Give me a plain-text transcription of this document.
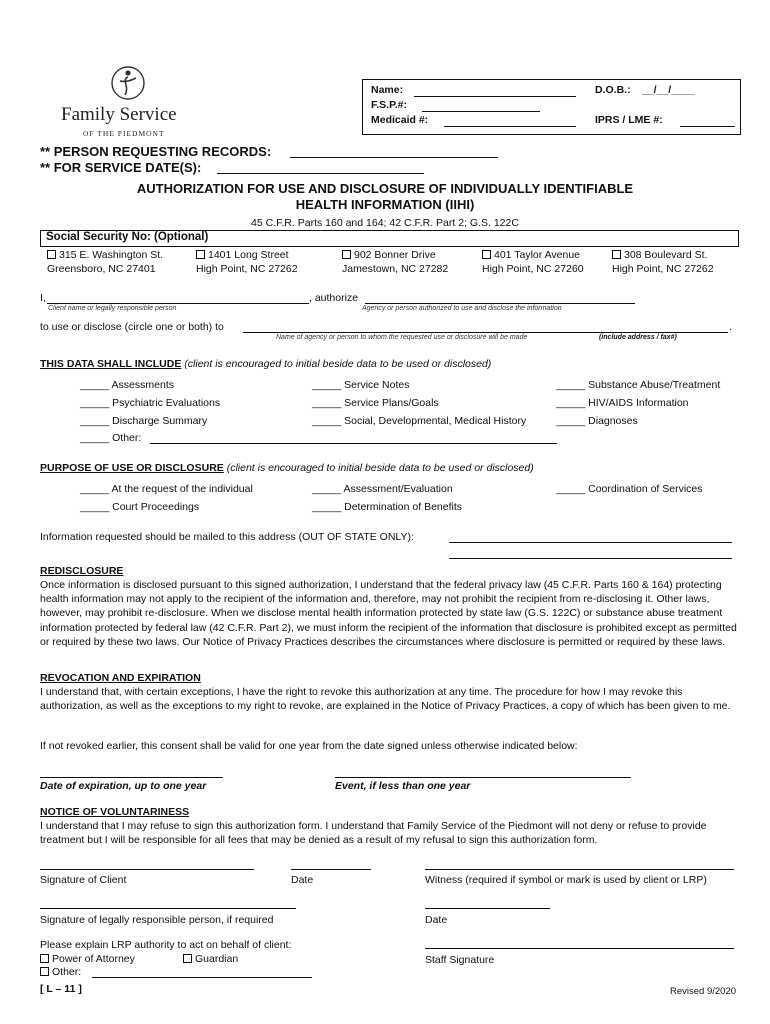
Family Service
OF THE PIEDMONT
Name:	D.O.B.: __/__/____
F.S.P.#:
Medicaid #:	IPRS / LME #:
** PERSON REQUESTING RECORDS:
** FOR SERVICE DATE(S):
AUTHORIZATION FOR USE AND DISCLOSURE OF INDIVIDUALLY IDENTIFIABLE
HEALTH INFORMATION (IIHI)
45 C.F.R. Parts 160 and 164; 42 C.F.R. Part 2; G.S. 122C
Social Security No: (Optional)
315 E. Washington St.
Greensboro, NC 27401
1401 Long Street
High Point, NC 27262
902 Bonner Drive
Jamestown, NC 27282
401 Taylor Avenue
High Point, NC 27260
308 Boulevard St.
High Point, NC 27262
I,	, authorize
Client name or legally responsible person	Agency or person authorized to use and disclose the information
to use or disclose (circle one or both) to	.
Name of agency or person to whom the requested use or disclosure will be made	(include address / fax#)
THIS DATA SHALL INCLUDE (client is encouraged to initial beside data to be used or disclosed)
_____ Assessments
_____ Psychiatric Evaluations
_____ Discharge Summary
_____ Other:
_____ Service Notes
_____ Service Plans/Goals
_____ Social, Developmental, Medical History
_____ Substance Abuse/Treatment
_____ HIV/AIDS Information
_____ Diagnoses
PURPOSE OF USE OR DISCLOSURE (client is encouraged to initial beside data to be used or disclosed)
_____ At the request of the individual
_____ Court Proceedings
_____ Assessment/Evaluation
_____ Determination of Benefits
_____ Coordination of Services
Information requested should be mailed to this address (OUT OF STATE ONLY):
REDISCLOSURE
Once information is disclosed pursuant to this signed authorization, I understand that the federal privacy law (45 C.F.R. Parts 160 & 164) protecting health information may not apply to the recipient of the information and, therefore, may not prohibit the recipient from re-disclosing it. Other laws, however, may prohibit re-disclosure. When we disclose mental health information protected by state law (G.S. 122C) or substance abuse treatment information protected by federal law (42 C.F.R. Part 2), we must inform the recipient of the information that disclosure is prohibited except as permitted or required by these two laws. Our Notice of Privacy Practices describes the circumstances where disclosure is permitted or required by these laws.
REVOCATION AND EXPIRATION
I understand that, with certain exceptions, I have the right to revoke this authorization at any time. The procedure for how I may revoke this authorization, as well as the exceptions to my right to revoke, are explained in the Notice of Privacy Practices, a copy of which has been given to me.
If not revoked earlier, this consent shall be valid for one year from the date signed unless otherwise indicated below:
Date of expiration, up to one year	Event, if less than one year
NOTICE OF VOLUNTARINESS
I understand that I may refuse to sign this authorization form. I understand that Family Service of the Piedmont will not deny or refuse to provide treatment but I will be responsible for all fees that may be denied as a result of my refusal to sign this authorization form.
Signature of Client	Date	Witness (required if symbol or mark is used by client or LRP)
Signature of legally responsible person, if required	Date
Please explain LRP authority to act on behalf of client:
Staff Signature
Power of Attorney	Guardian
Other:
[ L – 11 ]	Revised 9/2020
